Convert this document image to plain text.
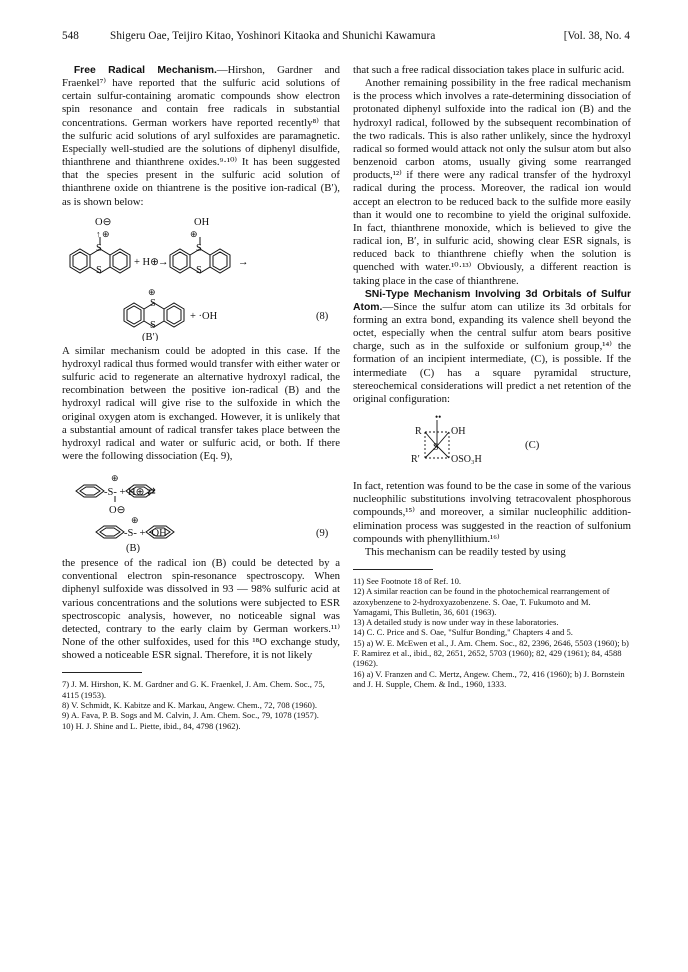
548	Shigeru Oae, Teijiro Kitao, Yoshinori Kitaoka and Shunichi Kawamura	[Vol. 38, No. 4

Free Radical Mechanism.—Hirshon, Gardner and Fraenkel⁷⁾ have reported that the sulfuric acid solutions of certain sulfur-containing aromatic compounds show electron spin resonance and contain free radicals in substantial concentrations. German workers have reported recently⁸⁾ that the sulfuric acid solutions of aryl sulfoxides are paramagnetic. Especially well-studied are the solutions of diphenyl disulfide, thianthrene and thianthrene oxides.⁹·¹⁰⁾ It has been suggested that the species present in the sulfuric acid solution of thianthrene oxide on thiantrene is the positive ion-radical (B′), as is shown below:

O⊖
↑ ⊕
S
S
+ H⊕ →
OH
⊕
S
S
→
⊕
S
S
+ ·OH	(8)
(B′)

A similar mechanism could be adopted in this case. If the hydroxyl radical thus formed would transfer with either water or sulfuric acid to regenerate an alternative hydroxyl radical, the recombination between the positive ion-radical (B) and the hydroxyl radical will give rise to the sulfoxide in which the original oxygen atom is exchanged. However, it is unlikely that a substantial amount of radical transfer takes place between the hydroxyl radical and water or sulfuric acid, or both. If there were the following dissociation (Eq. 9),

⊕
-S- + H⊕ ⇄
O⊖
⊕
-S- + ·OH	(9)
(B)

the presence of the radical ion (B) could be detected by a conventional electron spin-resonance spectroscopy. When diphenyl sulfoxide was dissolved in 93 — 98% sulfuric acid at various concentrations and the solutions were subjected to ESR spectroscopic analysis, however, no noticeable signal was detected, contrary to the early claim by German workers.¹¹⁾ None of the other sulfoxides, used for this ¹⁸O exchange study, showed a noticeable ESR signal. Therefore, it is not likely

7) J. M. Hirshon, K. M. Gardner and G. K. Fraenkel, J. Am. Chem. Soc., 75, 4115 (1953).

8) V. Schmidt, K. Kabitze and K. Markau, Angew. Chem., 72, 708 (1960).

9) A. Fava, P. B. Sogs and M. Calvin, J. Am. Chem. Soc., 79, 1078 (1957).

10) H. J. Shine and L. Piette, ibid., 84, 4798 (1962).

that such a free radical dissociation takes place in sulfuric acid.

Another remaining possibility in the free radical mechanism is the process which involves a rate-determining dissociation of protonated diphenyl sulfoxide into the radical ion (B) and the hydroxyl radical, followed by the subsequent recombination of the two radicals. This is also rather unlikely, since the hydroxyl radical so formed would attack not only the sulsur atom but also benzenoid carbon atoms, usually giving some rearranged products,¹²⁾ if there were any radical transfer of the hydroxyl radical during the process. Moreover, the radical ion would accept an electron to be reduced back to the sulfide more easily than it would one to recombine to yield the original sulfoxide. In fact, thianthrene monoxide, which is believed to give the radical ion, B′, in sulfuric acid, showing clear ESR signals, is reduced back to thianthrene chiefly when the solution is quenched with water.¹⁰·¹³⁾ Obviously, a different reaction is taking place in the case of thianthrene.

SNi-Type Mechanism Involving 3d Orbitals of Sulfur Atom.—Since the sulfur atom can utilize its 3d orbitals for forming an extra bond, expanding its valence shell beyond the octet, especially when the central sulfur atom bears positive charge, such as in the sulfoxide or sulfonium group,¹⁴⁾ the formation of an incipient intermediate, (C), is possible. If the intermediate (C) has a square pyramidal structure, stereochemical considerations will predict a net retention of the original configuration:

••
R	OH
S
R′	OSO₃H
(C)

In fact, retention was found to be the case in some of the various nucleophilic substitutions involving tetracovalent phosphorous compounds,¹⁵⁾ and moreover, a similar nucleophilic addition-elimination process was suggested in the reaction of sulfonium compounds with phenyllithium.¹⁶⁾

This mechanism can be readily tested by using

11) See Footnote 18 of Ref. 10.

12) A similar reaction can be found in the photochemical rearrangement of azoxybenzene to 2-hydroxyazobenzene. S. Oae, T. Fukumoto and M. Yamagami, This Bulletin, 36, 601 (1963).

13) A detailed study is now under way in these laboratories.

14) C. C. Price and S. Oae, "Sulfur Bonding," Chapters 4 and 5.

15) a) W. E. McEwen et al., J. Am. Chem. Soc., 82, 2396, 2646, 5503 (1960); b) F. Ramirez et al., ibid., 82, 2651, 2652, 5703 (1960); 82, 429 (1961); 84, 4588 (1962).

16) a) V. Franzen and C. Mertz, Angew. Chem., 72, 416 (1960); b) J. Bornstein and J. H. Supple, Chem. & Ind., 1960, 1333.
